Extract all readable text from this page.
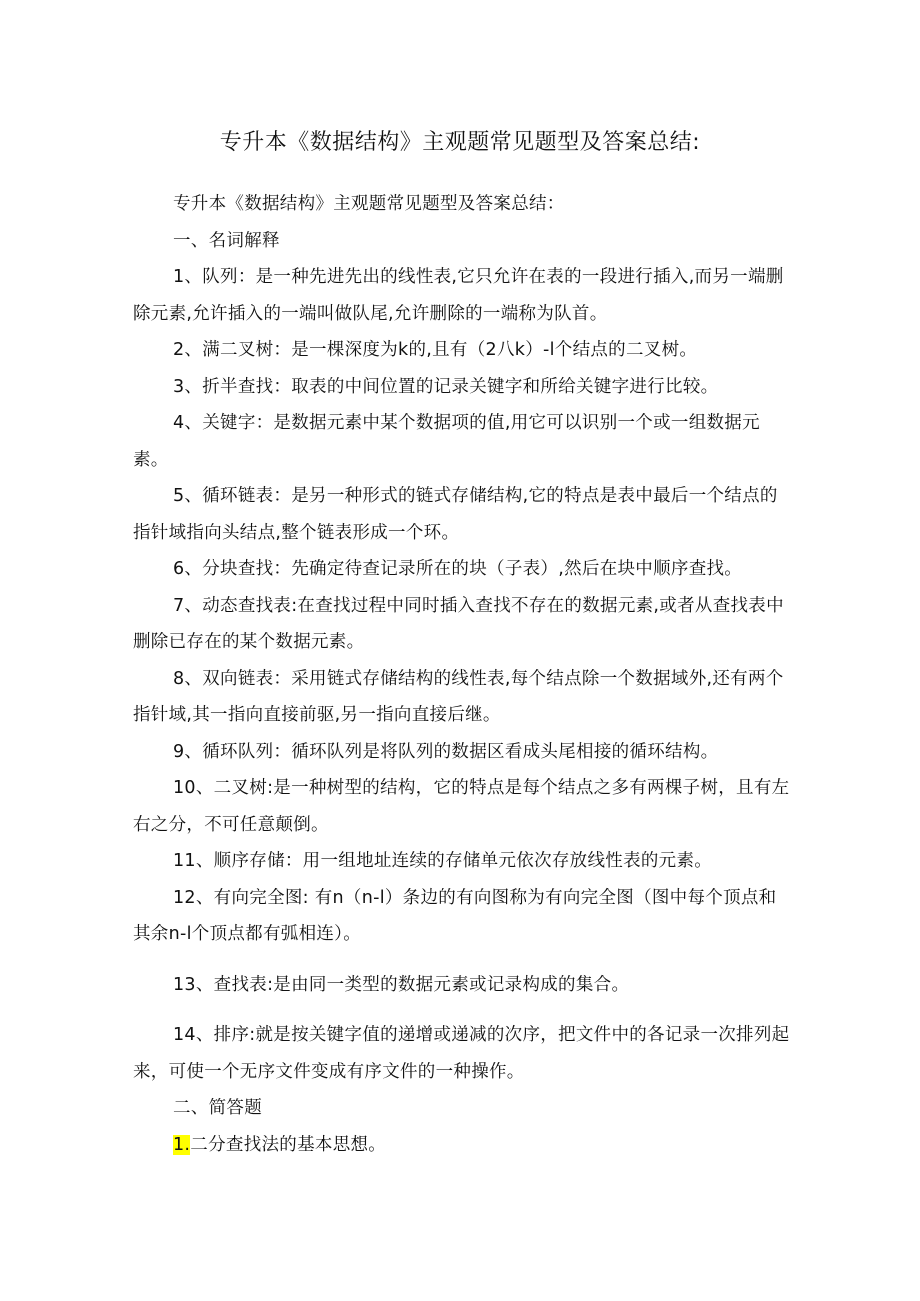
专升本《数据结构》主观题常见题型及答案总结:

专升本《数据结构》主观题常见题型及答案总结：

一、名词解释

1、队列：是一种先进先出的线性表,它只允许在表的一段进行插入,而另一端删除元素,允许插入的一端叫做队尾,允许删除的一端称为队首。

2、满二叉树：是一棵深度为k的,且有（2八k）-l个结点的二叉树。

3、折半查找：取表的中间位置的记录关键字和所给关键字进行比较。

4、关键字：是数据元素中某个数据项的值,用它可以识别一个或一组数据元素。

5、循环链表：是另一种形式的链式存储结构,它的特点是表中最后一个结点的指针域指向头结点,整个链表形成一个环。

6、分块查找：先确定待查记录所在的块（子表）,然后在块中顺序查找。

7、动态查找表:在查找过程中同时插入查找不存在的数据元素,或者从查找表中删除已存在的某个数据元素。

8、双向链表：采用链式存储结构的线性表,每个结点除一个数据域外,还有两个指针域,其一指向直接前驱,另一指向直接后继。

9、循环队列：循环队列是将队列的数据区看成头尾相接的循环结构。

10、二叉树:是一种树型的结构，它的特点是每个结点之多有两棵子树，且有左右之分，不可任意颠倒。

11、顺序存储：用一组地址连续的存储单元依次存放线性表的元素。

12、有向完全图: 有n（n-l）条边的有向图称为有向完全图（图中每个顶点和其余n-l个顶点都有弧相连）。

13、查找表:是由同一类型的数据元素或记录构成的集合。

14、排序:就是按关键字值的递增或递减的次序，把文件中的各记录一次排列起来，可使一个无序文件变成有序文件的一种操作。

二、简答题

1.二分查找法的基本思想。
